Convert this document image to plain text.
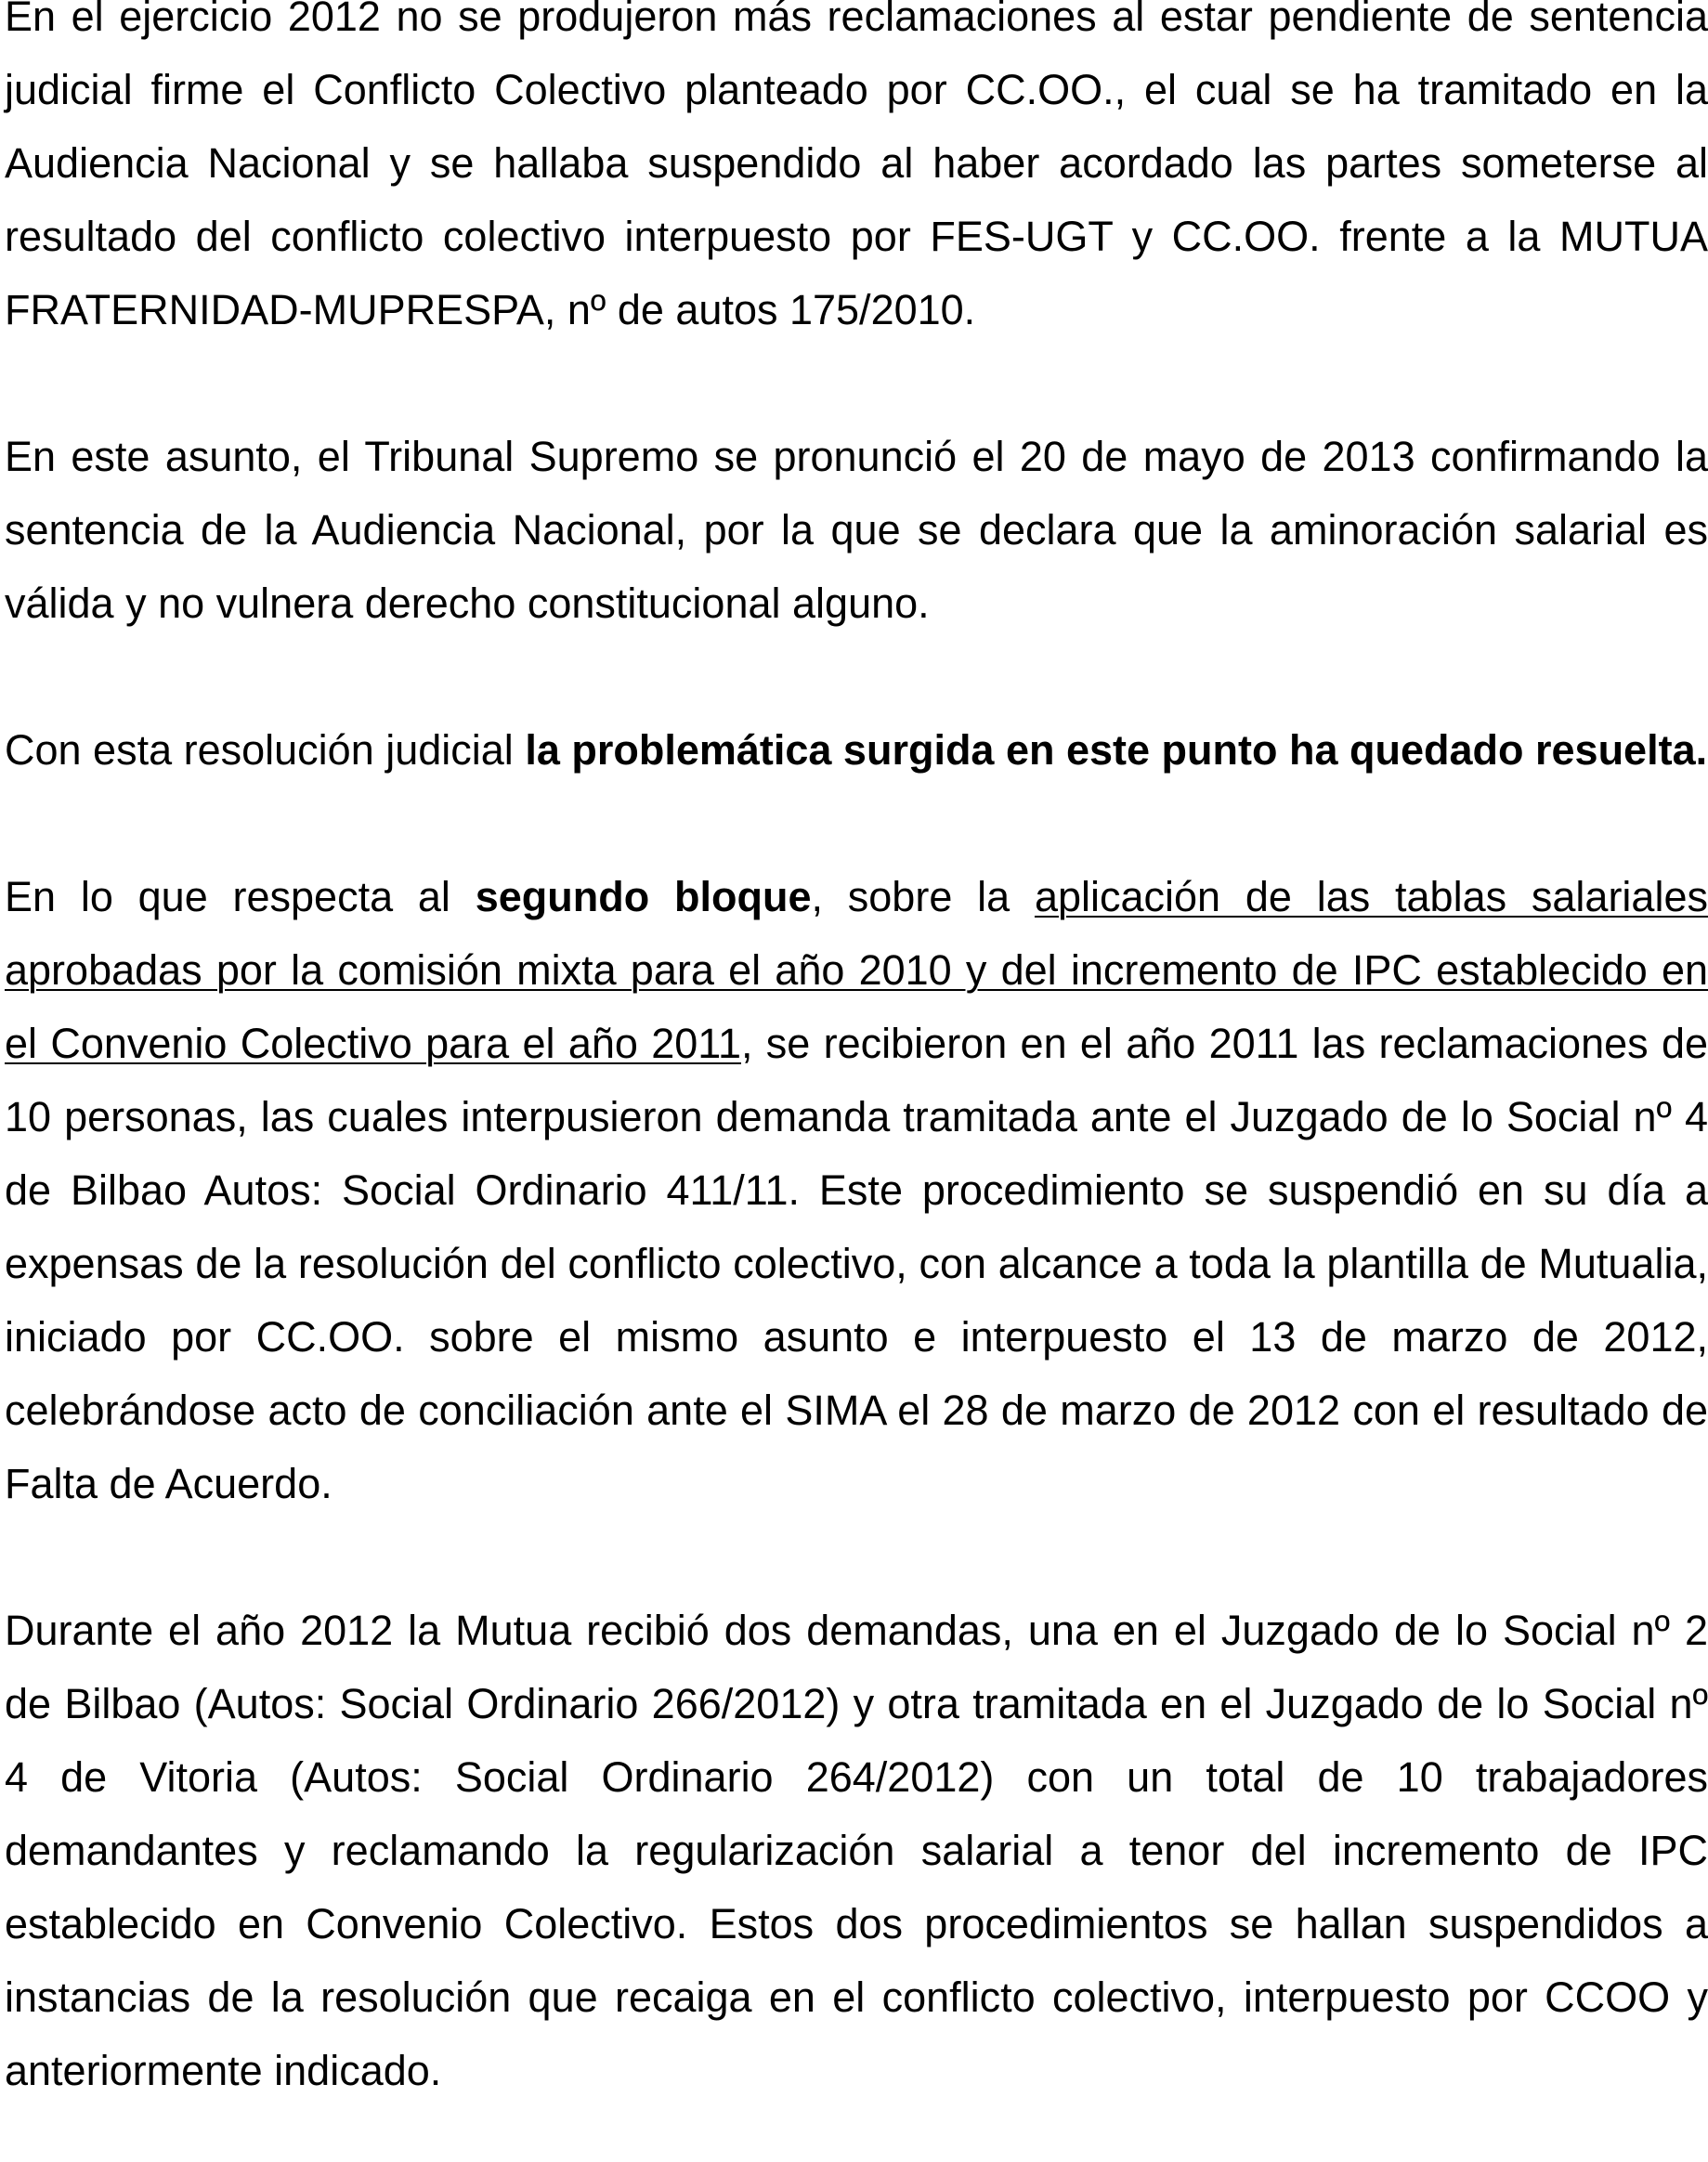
En el ejercicio 2012 no se produjeron más reclamaciones al estar pendiente de sentencia judicial firme el Conflicto Colectivo planteado por CC.OO., el cual se ha tramitado en la Audiencia Nacional y se hallaba suspendido al haber acordado las partes someterse al resultado del conflicto colectivo interpuesto por FES-UGT y CC.OO. frente a la MUTUA FRATERNIDAD-MUPRESPA, nº de autos 175/2010.

En este asunto, el Tribunal Supremo se pronunció el 20 de mayo de 2013 confirmando la sentencia de la Audiencia Nacional, por la que se declara que la aminoración salarial es válida y no vulnera derecho constitucional alguno.

Con esta resolución judicial la problemática surgida en este punto ha quedado resuelta.

En lo que respecta al segundo bloque, sobre la aplicación de las tablas salariales aprobadas por la comisión mixta para el año 2010 y del incremento de IPC establecido en el Convenio Colectivo para el año 2011, se recibieron en el año 2011 las reclamaciones de 10 personas, las cuales interpusieron demanda tramitada ante el Juzgado de lo Social nº 4 de Bilbao Autos: Social Ordinario 411/11. Este procedimiento se suspendió en su día a expensas de la resolución del conflicto colectivo, con alcance a toda la plantilla de Mutualia, iniciado por CC.OO. sobre el mismo asunto e interpuesto el 13 de marzo de 2012, celebrándose acto de conciliación ante el SIMA el 28 de marzo de 2012 con el resultado de Falta de Acuerdo.

Durante el año 2012 la Mutua recibió dos demandas, una en el Juzgado de lo Social nº 2 de Bilbao (Autos: Social Ordinario 266/2012) y otra tramitada en el Juzgado de lo Social nº 4 de Vitoria (Autos: Social Ordinario 264/2012) con un total de 10 trabajadores demandantes y reclamando la regularización salarial a tenor del incremento de IPC establecido en Convenio Colectivo. Estos dos procedimientos se hallan suspendidos a instancias de la resolución que recaiga en el conflicto colectivo, interpuesto por CCOO y anteriormente indicado.
